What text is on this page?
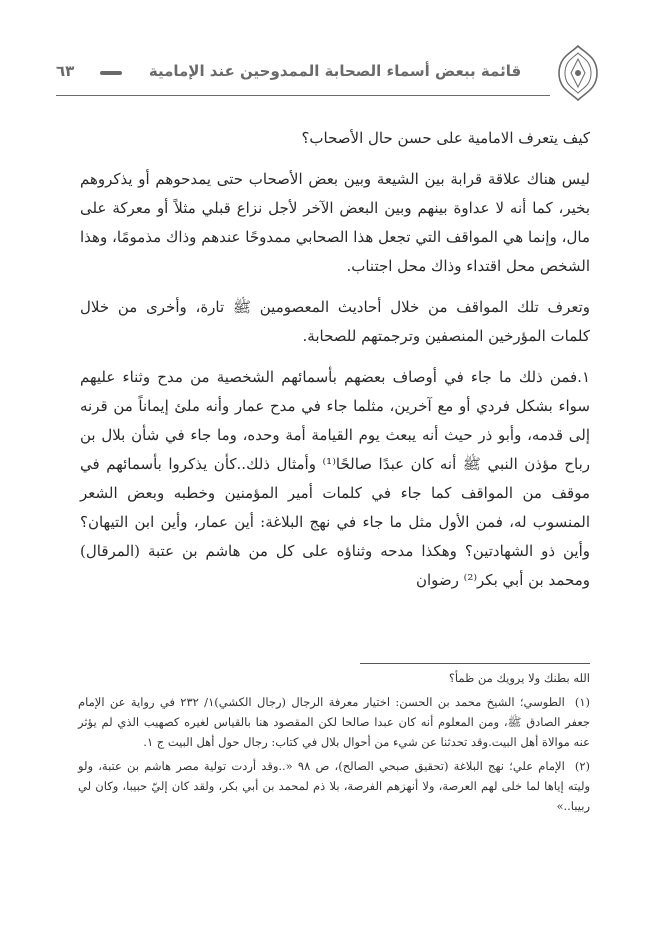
قائمة ببعض أسماء الصحابة الممدوحين عند الإمامية
٦٣

كيف يتعرف الامامية على حسن حال الأصحاب؟

ليس هناك علاقة قرابة بين الشيعة وبين بعض الأصحاب حتى يمدحوهم أو يذكروهم بخير، كما أنه لا عداوة بينهم وبين البعض الآخر لأجل نزاع قبلي مثلاً أو معركة على مال، وإنما هي المواقف التي تجعل هذا الصحابي ممدوحًا عندهم وذاك مذمومًا، وهذا الشخص محل اقتداء وذاك محل اجتناب.

وتعرف تلك المواقف من خلال أحاديث المعصومين ﷺ تارة، وأخرى من خلال كلمات المؤرخين المنصفين وترجمتهم للصحابة.

١.فمن ذلك ما جاء في أوصاف بعضهم بأسمائهم الشخصية من مدح وثناء عليهم سواء بشكل فردي أو مع آخرين، مثلما جاء في مدح عمار وأنه ملئ إيماناً من قرنه إلى قدمه، وأبو ذر حيث أنه يبعث يوم القيامة أمة وحده، وما جاء في شأن بلال بن رباح مؤذن النبي ﷺ أنه كان عبدًا صالحًا⁽¹⁾ وأمثال ذلك..كأن يذكروا بأسمائهم في موقف من المواقف كما جاء في كلمات أمير المؤمنين وخطبه وبعض الشعر المنسوب له، فمن الأول مثل ما جاء في نهج البلاغة: أين عمار، وأين ابن التيهان؟ وأين ذو الشهادتين؟ وهكذا مدحه وثناؤه على كل من هاشم بن عتبة (المرقال) ومحمد بن أبي بكر⁽²⁾ رضوان

الله بطنك ولا يرويك من ظمأ؟

(١)الطوسي؛ الشيخ محمد بن الحسن: اختيار معرفة الرجال (رجال الكشي)١/ ٢٣٢ في رواية عن الإمام جعفر الصادق ﷺ، ومن المعلوم أنه كان عبدا صالحا لكن المقصود هنا بالقياس لغيره كصهيب الذي لم يؤثر عنه موالاة أهل البيت.وقد تحدثنا عن شيء من أحوال بلال في كتاب: رجال حول أهل البيت ج ١.

(٢)الإمام علي؛ نهج البلاغة (تحقيق صبحي الصالح)، ص ٩٨ «..وقد أردت تولية مصر هاشم بن عتبة، ولو وليته إياها لما خلى لهم العرصة، ولا أنهزهم الفرصة، بلا ذم لمحمد بن أبي بكر، ولقد كان إليّ حبيبا، وكان لي ربيبا..»
